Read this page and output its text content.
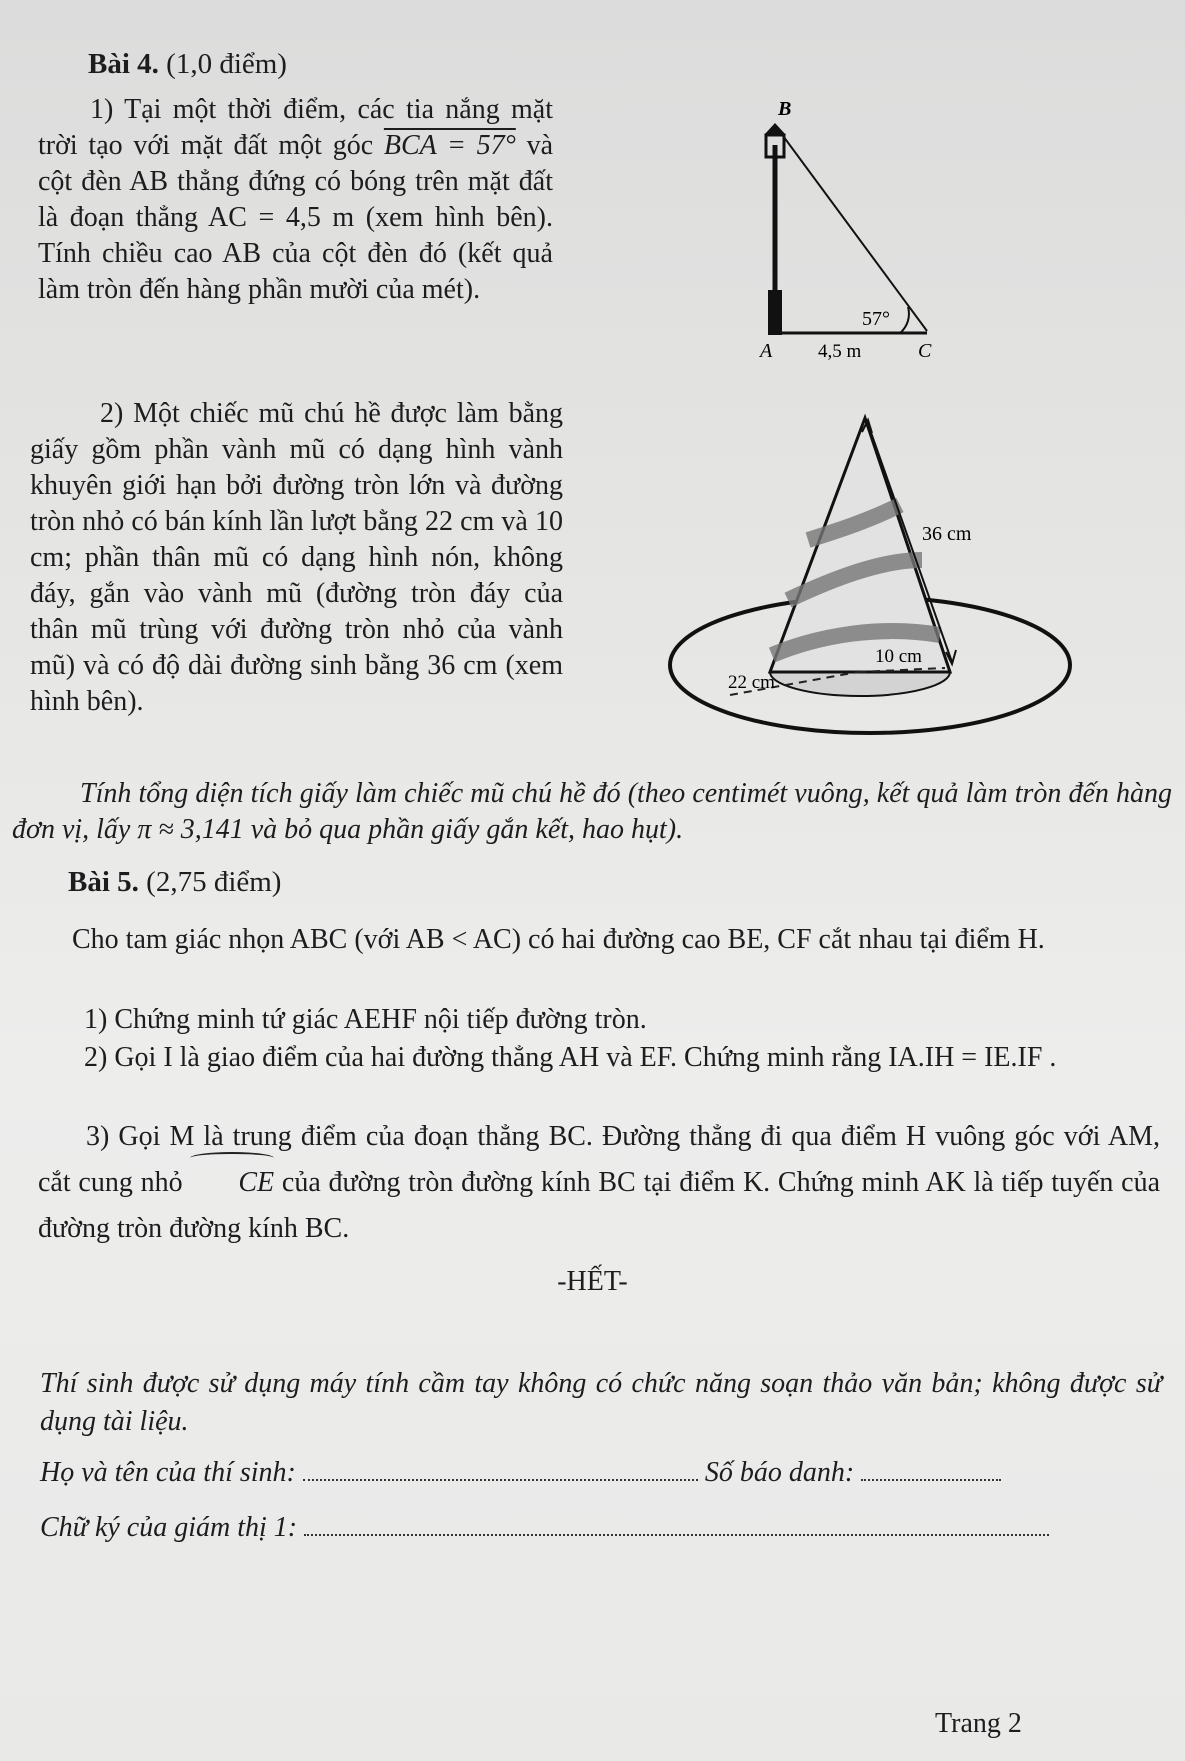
Bài 4. (1,0 điểm)
1) Tại một thời điểm, các tia nắng mặt trời tạo với mặt đất một góc BCA = 57° và cột đèn AB thẳng đứng có bóng trên mặt đất là đoạn thẳng AC = 4,5 m (xem hình bên). Tính chiều cao AB của cột đèn đó (kết quả làm tròn đến hàng phần mười của mét).
B
A	C
57°
4,5 m
2) Một chiếc mũ chú hề được làm bằng giấy gồm phần vành mũ có dạng hình vành khuyên giới hạn bởi đường tròn lớn và đường tròn nhỏ có bán kính lần lượt bằng 22 cm và 10 cm; phần thân mũ có dạng hình nón, không đáy, gắn vào vành mũ (đường tròn đáy của thân mũ trùng với đường tròn nhỏ của vành mũ) và có độ dài đường sinh bằng 36 cm (xem hình bên).
36 cm
10 cm
22 cm
Tính tổng diện tích giấy làm chiếc mũ chú hề đó (theo centimét vuông, kết quả làm tròn đến hàng đơn vị, lấy π ≈ 3,141 và bỏ qua phần giấy gắn kết, hao hụt).
Bài 5. (2,75 điểm)
Cho tam giác nhọn ABC (với AB < AC) có hai đường cao BE, CF cắt nhau tại điểm H.
1) Chứng minh tứ giác AEHF nội tiếp đường tròn.
2) Gọi I là giao điểm của hai đường thẳng AH và EF. Chứng minh rằng IA.IH = IE.IF .
3) Gọi M là trung điểm của đoạn thẳng BC. Đường thẳng đi qua điểm H vuông góc với AM, cắt cung nhỏ CE của đường tròn đường kính BC tại điểm K. Chứng minh AK là tiếp tuyến của đường tròn đường kính BC.
-HẾT-
Thí sinh được sử dụng máy tính cầm tay không có chức năng soạn thảo văn bản; không được sử dụng tài liệu.
Họ và tên của thí sinh:	Số báo danh:
Chữ ký của giám thị 1:
Trang 2
